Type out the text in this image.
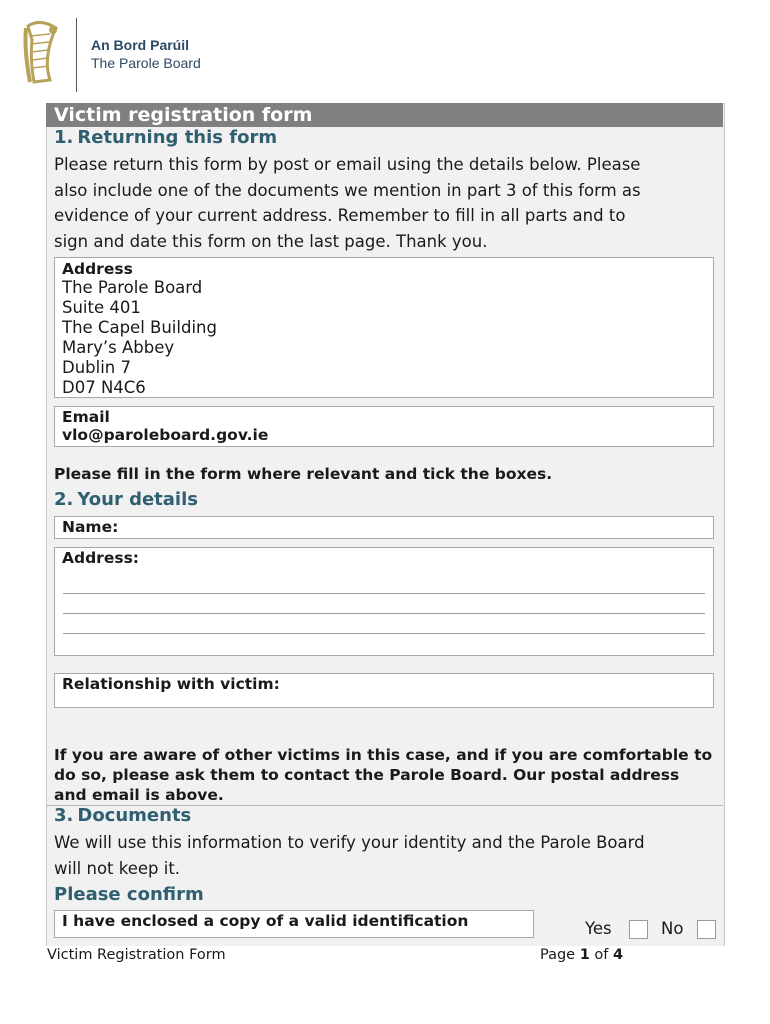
An Bord Parúil
The Parole Board
Victim registration form
1. Returning this form
Please return this form by post or email using the details below. Please
also include one of the documents we mention in part 3 of this form as
evidence of your current address. Remember to fill in all parts and to
sign and date this form on the last page. Thank you.
Address
The Parole Board
Suite 401
The Capel Building
Mary’s Abbey
Dublin 7
D07 N4C6
Email
vlo@paroleboard.gov.ie
Please fill in the form where relevant and tick the boxes.
2. Your details
Name:
Address:
Relationship with victim:
If you are aware of other victims in this case, and if you are comfortable to do so, please ask them to contact the Parole Board. Our postal address and email is above.
3. Documents
We will use this information to verify your identity and the Parole Board
will not keep it.
Please confirm
I have enclosed a copy of a valid identification	Yes	No
Victim Registration Form	Page 1 of 4
